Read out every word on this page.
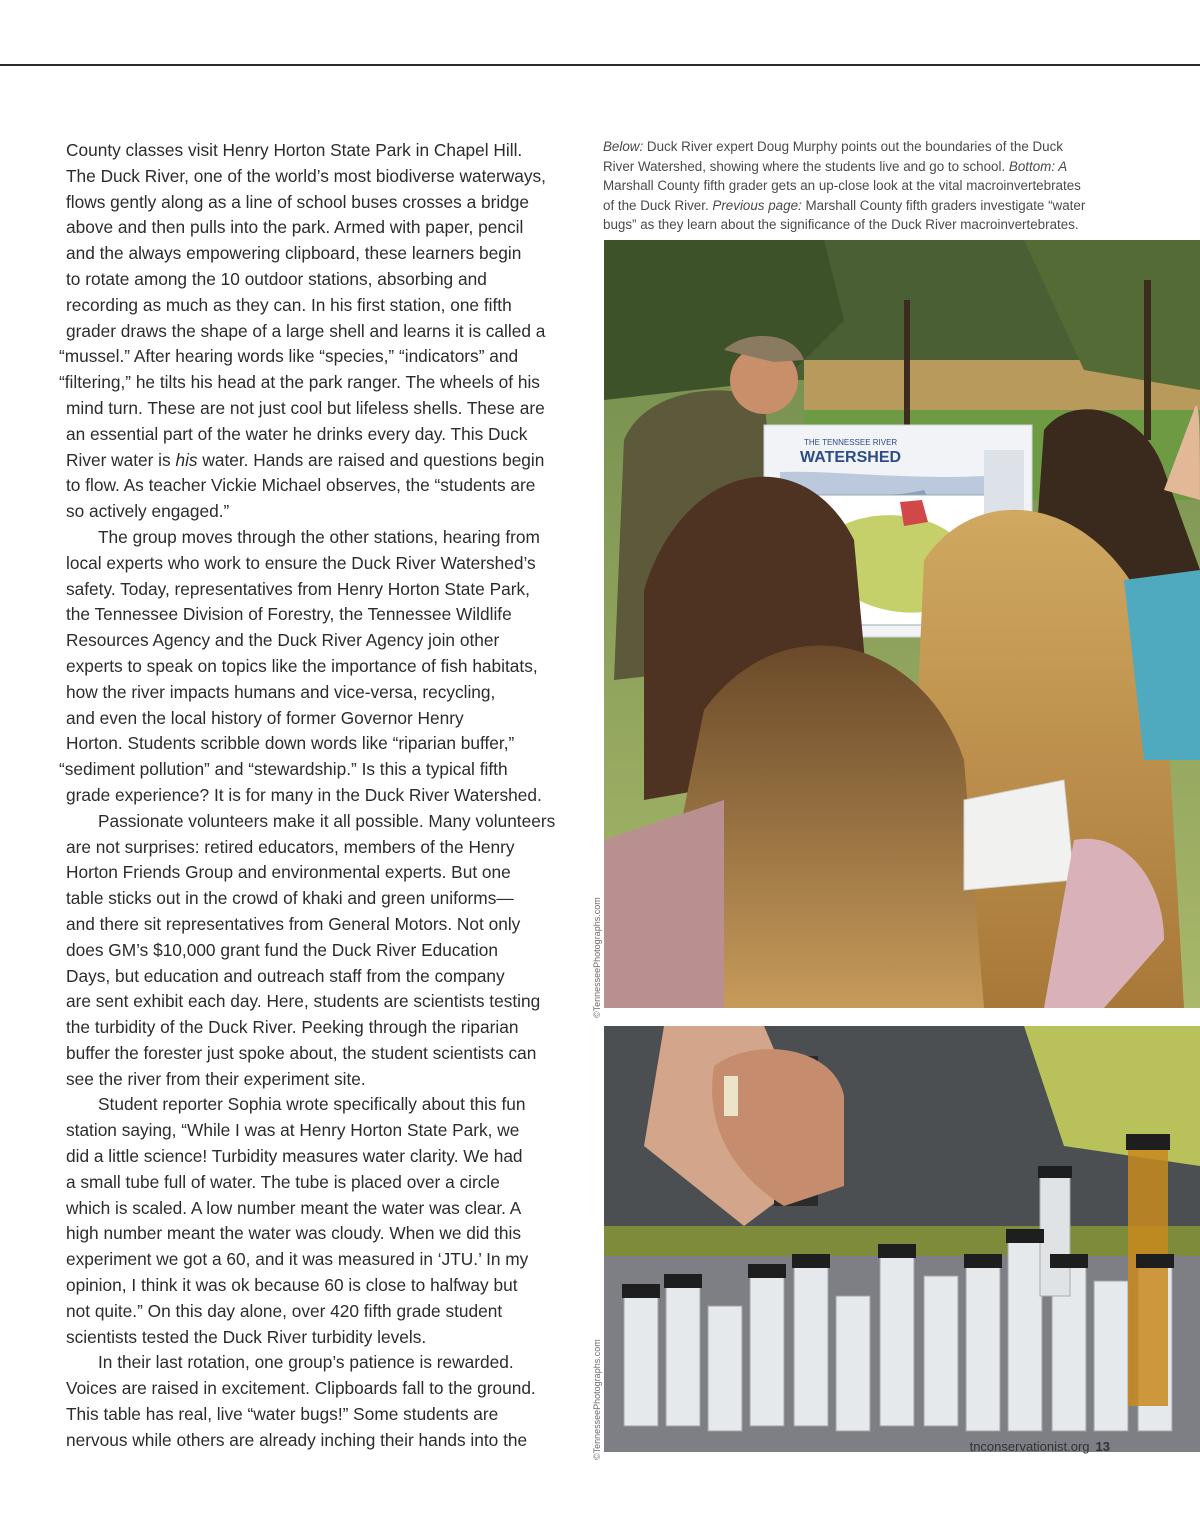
County classes visit Henry Horton State Park in Chapel Hill.
The Duck River, one of the world’s most biodiverse waterways,
flows gently along as a line of school buses crosses a bridge
above and then pulls into the park. Armed with paper, pencil
and the always empowering clipboard, these learners begin
to rotate among the 10 outdoor stations, absorbing and
recording as much as they can. In his first station, one fifth
grader draws the shape of a large shell and learns it is called a
“mussel.” After hearing words like “species,” “indicators” and
“filtering,” he tilts his head at the park ranger. The wheels of his
mind turn. These are not just cool but lifeless shells. These are
an essential part of the water he drinks every day. This Duck
River water is his water. Hands are raised and questions begin
to flow. As teacher Vickie Michael observes, the “students are
so actively engaged.”
The group moves through the other stations, hearing from
local experts who work to ensure the Duck River Watershed’s
safety. Today, representatives from Henry Horton State Park,
the Tennessee Division of Forestry, the Tennessee Wildlife
Resources Agency and the Duck River Agency join other
experts to speak on topics like the importance of fish habitats,
how the river impacts humans and vice-versa, recycling,
and even the local history of former Governor Henry
Horton. Students scribble down words like “riparian buffer,”
“sediment pollution” and “stewardship.” Is this a typical fifth
grade experience? It is for many in the Duck River Watershed.
Passionate volunteers make it all possible. Many volunteers
are not surprises: retired educators, members of the Henry
Horton Friends Group and environmental experts. But one
table sticks out in the crowd of khaki and green uniforms—
and there sit representatives from General Motors. Not only
does GM’s $10,000 grant fund the Duck River Education
Days, but education and outreach staff from the company
are sent exhibit each day. Here, students are scientists testing
the turbidity of the Duck River. Peeking through the riparian
buffer the forester just spoke about, the student scientists can
see the river from their experiment site.
Student reporter Sophia wrote specifically about this fun
station saying, “While I was at Henry Horton State Park, we
did a little science! Turbidity measures water clarity. We had
a small tube full of water. The tube is placed over a circle
which is scaled. A low number meant the water was clear. A
high number meant the water was cloudy. When we did this
experiment we got a 60, and it was measured in ‘JTU.’ In my
opinion, I think it was ok because 60 is close to halfway but
not quite.” On this day alone, over 420 fifth grade student
scientists tested the Duck River turbidity levels.
In their last rotation, one group’s patience is rewarded.
Voices are raised in excitement. Clipboards fall to the ground.
This table has real, live “water bugs!” Some students are
nervous while others are already inching their hands into the
Below: Duck River expert Doug Murphy points out the boundaries of the Duck
River Watershed, showing where the students live and go to school. Bottom: A
Marshall County fifth grader gets an up-close look at the vital macroinvertebrates
of the Duck River. Previous page: Marshall County fifth graders investigate “water
bugs” as they learn about the significance of the Duck River macroinvertebrates.
THE TENNESSEE RIVER
WATERSHED
©TennesseePhotographs.com
©TennesseePhotographs.com	tnconservationist.org 13
